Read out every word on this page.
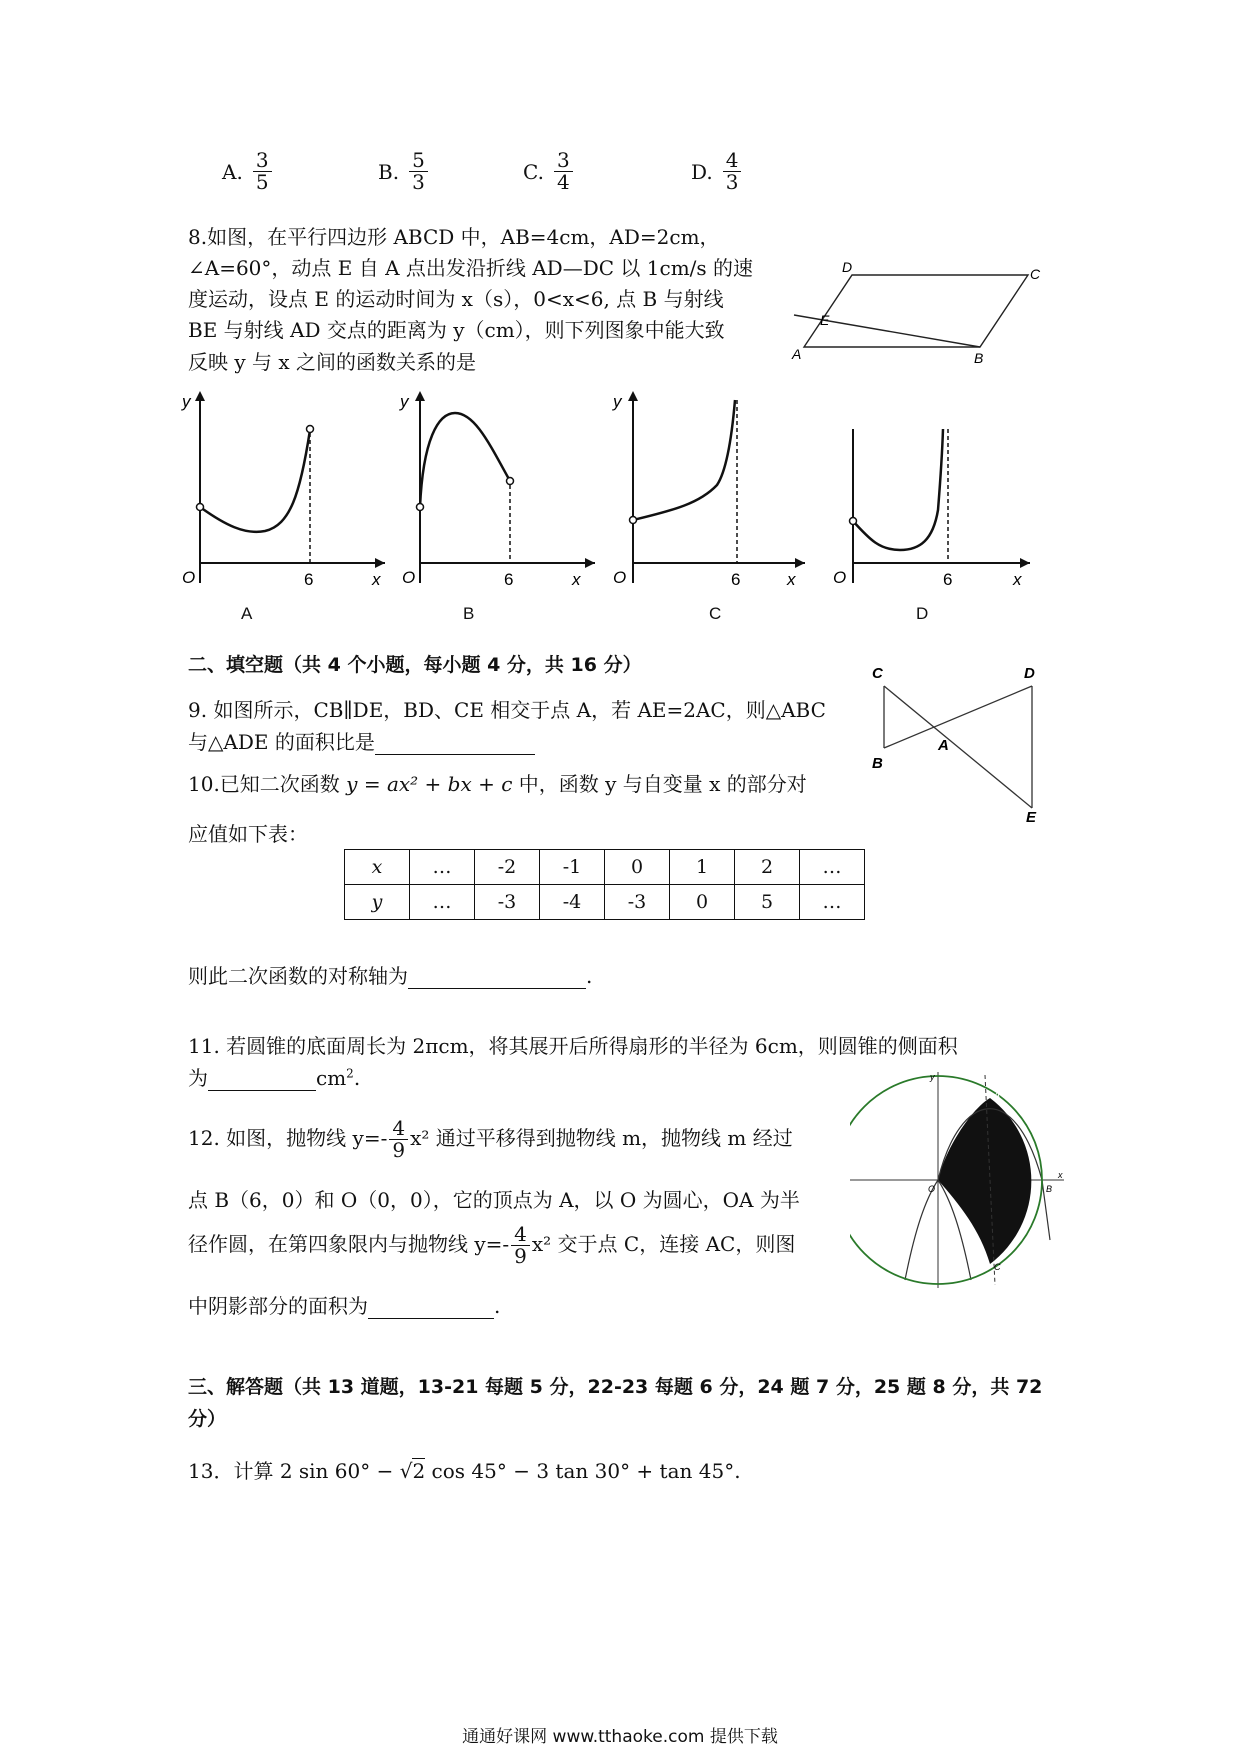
A. $\frac{3}{5}$	B. $\frac{5}{3}$	C. $\frac{3}{4}$	D. $\frac{4}{3}$
8.如图，在平行四边形 ABCD 中，AB=4cm，AD=2cm，
∠A=60°，动点 E 自 A 点出发沿折线 AD—DC 以 1cm/s 的速
度运动，设点 E 的运动时间为 x（s），0<x<6, 点 B 与射线
BE 与射线 AD 交点的距离为 y（cm），则下列图象中能大致
反映 y 与 x 之间的函数关系的是
D	C
A	B
E
y
O	6	x
A
y
O	6	x
B
y
O	6	x
C
O	6	x
D
二、填空题（共 4 个小题，每小题 4 分，共 16 分）
9. 如图所示，CB∥DE，BD、CE 相交于点 A，若 AE=2AC，则△ABC
与△ADE 的面积比是
C	D
B
A
E
10.已知二次函数 y = ax² + bx + c 中，函数 y 与自变量 x 的部分对
应值如下表：
x	…	-2	-1	0	1	2	…
y	…	-3	-4	-3	0	5	…
则此二次函数的对称轴为	.
11. 若圆锥的底面周长为 2πcm，将其展开后所得扇形的半径为 6cm，则圆锥的侧面积
为	$cm^2$.
12. 如图，抛物线 $y=- \frac{4}{9} x^2$ 通过平移得到抛物线 m，抛物线 m 经过
点 B（6，0）和 O（0，0），它的顶点为 A，以 O 为圆心，OA 为半
径作圆，在第四象限内与抛物线 $y=- \frac{4}{9} x^2$ 交于点 C，连接 AC，则图
中阴影部分的面积为	.
y
x
O
A
B
C
三、解答题（共 13 道题，13-21 每题 5 分，22-23 每题 6 分，24 题 7 分，25 题 8 分，共 72
分）
13．计算 2 sin 60° − √2 cos 45° − 3 tan 30° + tan 45°.
通通好课网 www.tthaoke.com 提供下载
